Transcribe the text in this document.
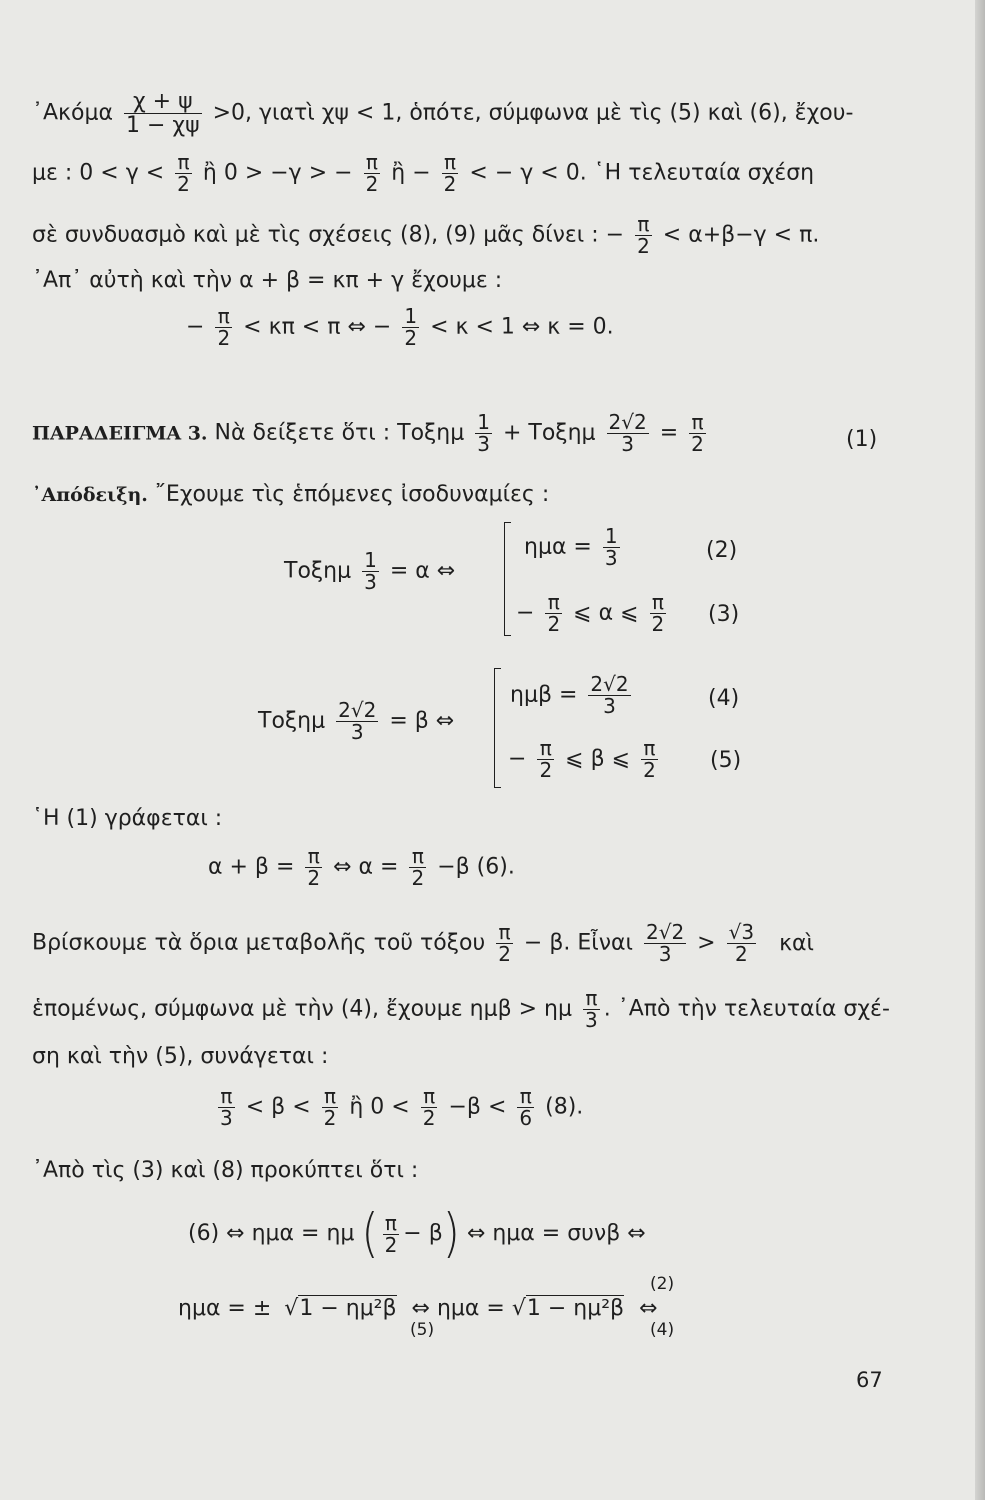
᾿Ακόμα $\frac{\chi + \psi}{1 - \chi\psi} >0$, γιατὶ χψ < 1, ὁπότε, σύμφωνα μὲ τὶς (5) καὶ (6), ἔχου-
με : $0 < \gamma < \frac{\pi}{2}$ ἢ 0 > −γ > − $\frac{\pi}{2}$ ἢ − $\frac{\pi}{2}$ < − γ < 0. ῾Η τελευταία σχέση
σὲ συνδυασμὸ καὶ μὲ τὶς σχέσεις (8), (9) μᾶς δίνει : − $\frac{\pi}{2} < \alpha+\beta-\gamma < \pi$.
᾿Απ᾿ αὐτὴ καὶ τὴν α + β = κπ + γ ἔχουμε :
− $\frac{\pi}{2} < \kappa\pi < \pi$ ⇔ − $\frac{1}{2} < \kappa < 1$ ⇔ κ = 0.
ΠΑΡΑΔΕΙΓΜΑ 3. Νὰ δείξετε ὅτι : Τοξημ $\frac{1}{3} + To\xi\eta\mu \frac{2√2}{3} = \frac{\pi}{2}$	(1)
᾿Απόδειξη. ῎Εχουμε τὶς ἑπόμενες ἰσοδυναμίες :
Τοξημ $\frac{1}{3} = \alpha$ ⇔
$\eta\mu\alpha = \frac{1}{3}$	(2)
− $\frac{\pi}{2}$ ⩽ α ⩽ $\frac{\pi}{2} (3)$
Τοξημ $\frac{2√2}{3} = \beta$ ⇔
$\eta\mu\beta = \frac{2√2}{3}$	(4)
− $\frac{\pi}{2}$ ⩽ β ⩽ $\frac{\pi}{2} (5)$
῾Η (1) γράφεται :
$\alpha + \beta = \frac{\pi}{2}$ ⇔ $\alpha = \frac{\pi}{2} -\beta$ (6).
Βρίσκουμε τὰ ὅρια μεταβολῆς τοῦ τόξου $\frac{\pi}{2} - \beta$. Εἶναι $\frac{2√2}{3} > \frac{√3}{2}$ καὶ
ἑπομένως, σύμφωνα μὲ τὴν (4), ἔχουμε ημβ > ημ $\frac{\pi}{3}$ . ᾿Απὸ τὴν τελευταία σχέ-
ση καὶ τὴν (5), συνάγεται :
$\frac{\pi}{3} < \beta < \frac{\pi}{2}$ ἢ $0 < \frac{\pi}{2} -\beta < \frac{\pi}{6} (8)$.
᾿Απὸ τὶς (3) καὶ (8) προκύπτει ὅτι :
(6) ⇔ ημα = ημ ( $\frac{\pi}{2} - \beta$) ⇔ ημα = συνβ ⇔
ημα = ± √1 − ημ²β ⇔ ημα = √1 − ημ²β ⇔
(5)
(2)
(4)
67
